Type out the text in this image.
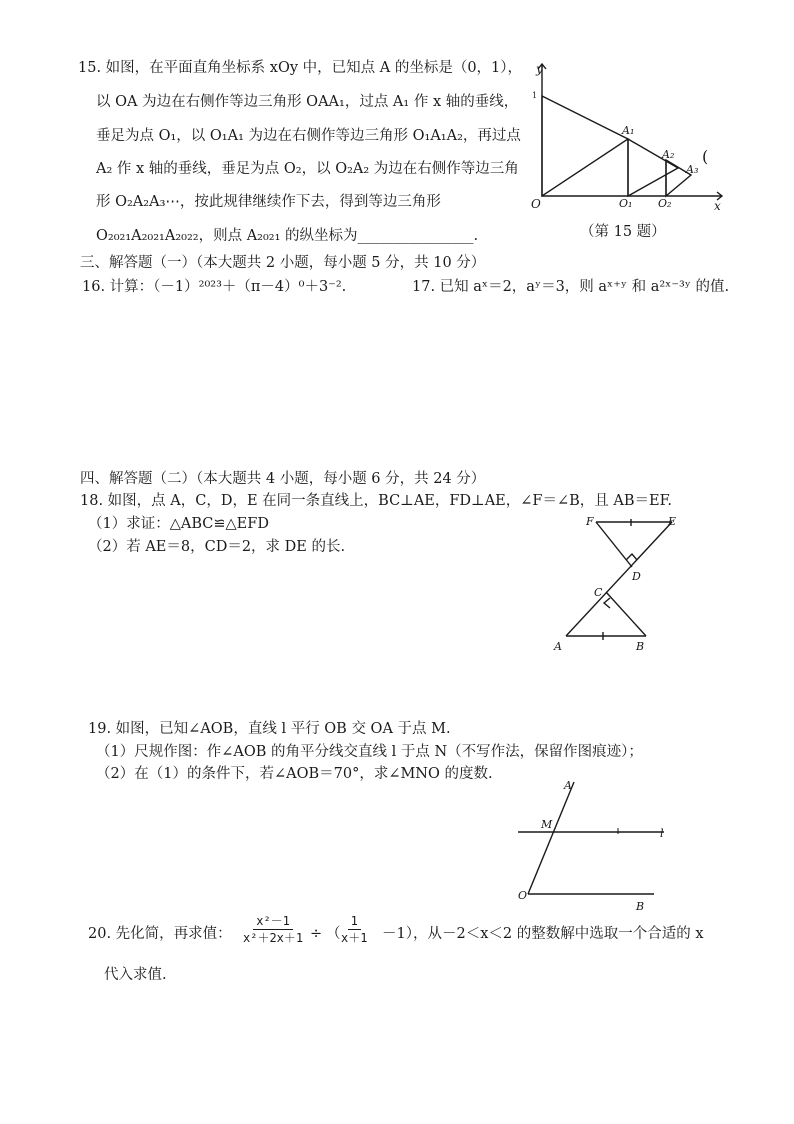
15. 如图，在平面直角坐标系 xOy 中，已知点 A 的坐标是（0，1），
以 OA 为边在右侧作等边三角形 OAA₁，过点 A₁ 作 x 轴的垂线，
垂足为点 O₁，以 O₁A₁ 为边在右侧作等边三角形 O₁A₁A₂，再过点
A₂ 作 x 轴的垂线，垂足为点 O₂，以 O₂A₂ 为边在右侧作等边三角
形 O₂A₂A₃⋯，按此规律继续作下去，得到等边三角形
O₂₀₂₁A₂₀₂₁A₂₀₂₂，则点 A₂₀₂₁ 的纵坐标为________________.
y
x
O	O₁ O₂
A₁
A₂
A₃
1
(
（第 15 题）
三、解答题（一）（本大题共 2 小题，每小题 5 分，共 10 分）
16. 计算：（－1）²⁰²³＋（π－4）⁰＋3⁻².	17. 已知 aˣ＝2，aʸ＝3，则 aˣ⁺ʸ 和 a²ˣ⁻³ʸ 的值.
四、解答题（二）（本大题共 4 小题，每小题 6 分，共 24 分）
18. 如图，点 A，C，D，E 在同一条直线上，BC⊥AE，FD⊥AE，∠F＝∠B，且 AB＝EF.
（1）求证：△ABC≌△EFD
（2）若 AE＝8，CD＝2，求 DE 的长.
F	E
D
C
A	B
19. 如图，已知∠AOB，直线 l 平行 OB 交 OA 于点 M.
（1）尺规作图：作∠AOB 的角平分线交直线 l 于点 N（不写作法，保留作图痕迹）；
（2）在（1）的条件下，若∠AOB＝70°，求∠MNO 的度数.
A
M
l
O
B
20. 先化简，再求值： $\frac{\text{x²－1}}{\text{x²＋2x＋1}}$ ÷ （
$\frac{1}{x+1} -1$），从－2＜x＜2 的整数解中选取一个合适的 x
代入求值.
